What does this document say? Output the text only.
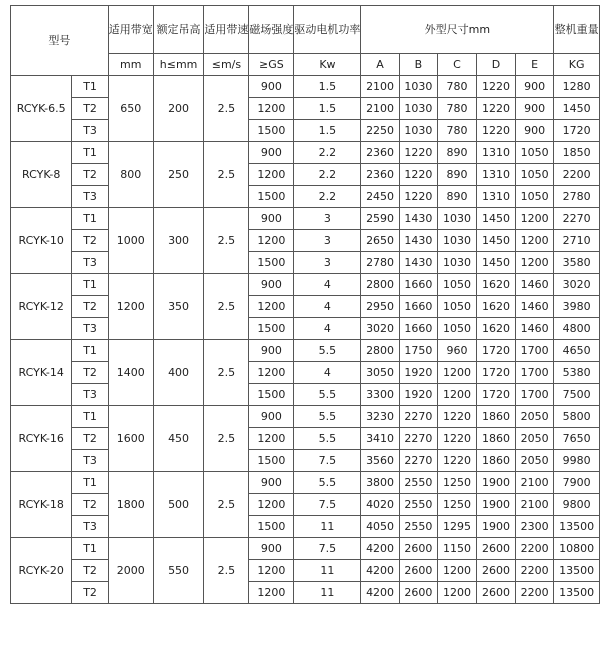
型号		适用带宽	额定吊高	适用带速	磁场强度	驱动电机功率	外型尺寸mm					整机重量
		mm	h≤mm	≤m/s	≥GS	Kw	A	B	C	D	E	KG
RCYK-6.5	T1	650	200	2.5	900	1.5	2100	1030	780	1220	900	1280
	T2				1200	1.5	2100	1030	780	1220	900	1450
	T3				1500	1.5	2250	1030	780	1220	900	1720
RCYK-8	T1	800	250	2.5	900	2.2	2360	1220	890	1310	1050	1850
	T2				1200	2.2	2360	1220	890	1310	1050	2200
	T3				1500	2.2	2450	1220	890	1310	1050	2780
RCYK-10	T1	1000	300	2.5	900	3	2590	1430	1030	1450	1200	2270
	T2				1200	3	2650	1430	1030	1450	1200	2710
	T3				1500	3	2780	1430	1030	1450	1200	3580
RCYK-12	T1	1200	350	2.5	900	4	2800	1660	1050	1620	1460	3020
	T2				1200	4	2950	1660	1050	1620	1460	3980
	T3				1500	4	3020	1660	1050	1620	1460	4800
RCYK-14	T1	1400	400	2.5	900	5.5	2800	1750	960	1720	1700	4650
	T2				1200	4	3050	1920	1200	1720	1700	5380
	T3				1500	5.5	3300	1920	1200	1720	1700	7500
RCYK-16	T1	1600	450	2.5	900	5.5	3230	2270	1220	1860	2050	5800
	T2				1200	5.5	3410	2270	1220	1860	2050	7650
	T3				1500	7.5	3560	2270	1220	1860	2050	9980
RCYK-18	T1	1800	500	2.5	900	5.5	3800	2550	1250	1900	2100	7900
	T2				1200	7.5	4020	2550	1250	1900	2100	9800
	T3				1500	11	4050	2550	1295	1900	2300	13500
RCYK-20	T1	2000	550	2.5	900	7.5	4200	2600	1150	2600	2200	10800
	T2				1200	11	4200	2600	1200	2600	2200	13500
	T2				1200	11	4200	2600	1200	2600	2200	13500
